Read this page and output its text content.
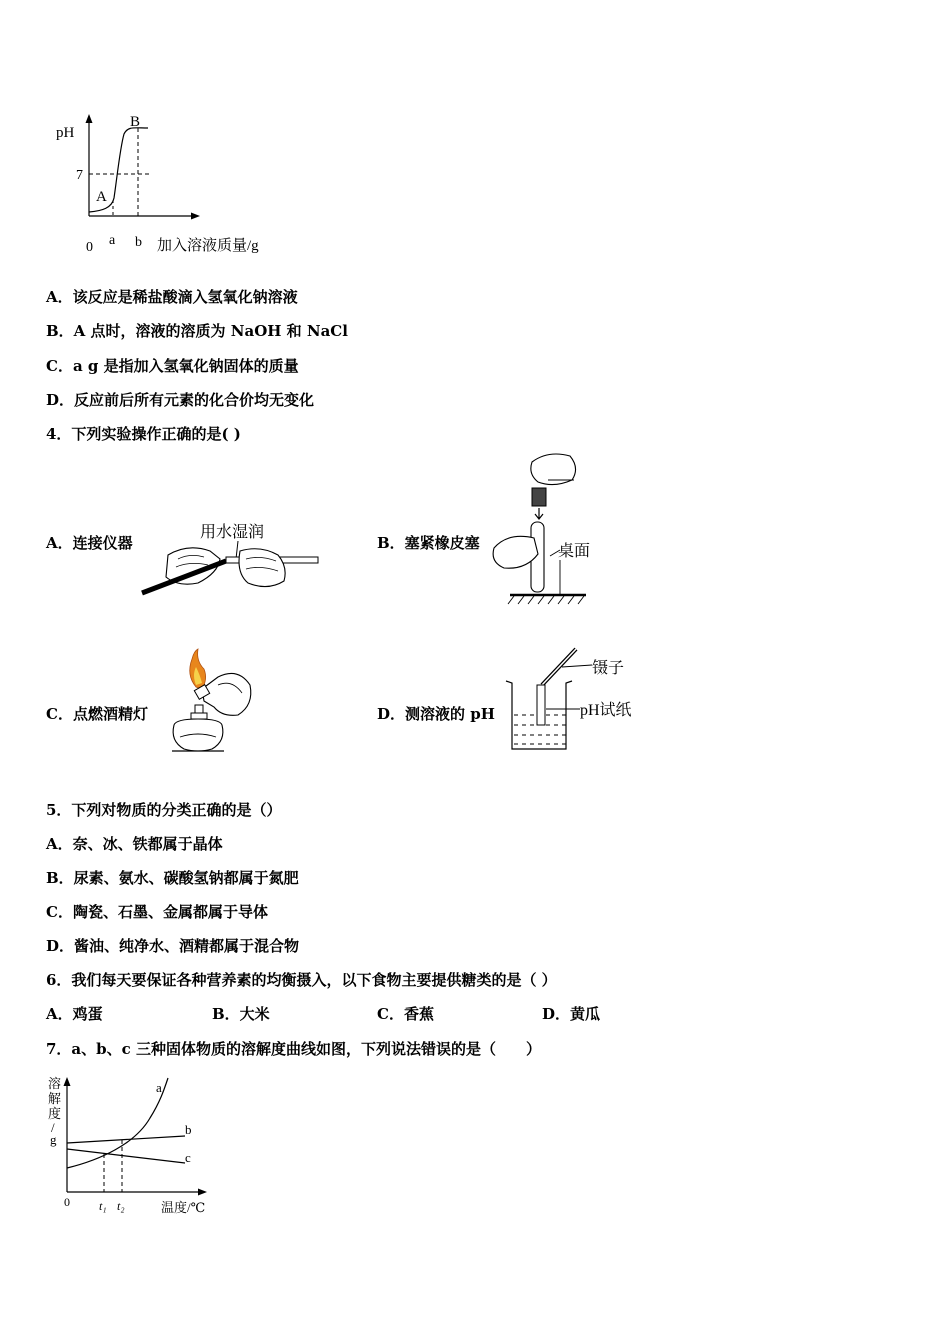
pH
7
A
B
0 a b 加入溶液质量/g
A．该反应是稀盐酸滴入氢氧化钠溶液
B．A 点时，溶液的溶质为 NaOH 和 NaCl
C．a g 是指加入氢氧化钠固体的质量
D．反应前后所有元素的化合价均无变化
4．下列实验操作正确的是( )
A．连接仪器
用水湿润
B．塞紧橡皮塞	桌面
C．点燃酒精灯	D．测溶液的 pH
镊子
pH试纸
5．下列对物质的分类正确的是（）
A．奈、冰、铁都属于晶体
B．尿素、氨水、碳酸氢钠都属于氮肥
C．陶瓷、石墨、金属都属于导体
D．酱油、纯净水、酒精都属于混合物
6．我们每天要保证各种营养素的均衡摄入，以下食物主要提供糖类的是（ ）
A．鸡蛋	B．大米	C．香蕉	D．黄瓜
7．a、b、c 三种固体物质的溶解度曲线如图，下列说法错误的是（　　）
溶
解
度
/
g
a
b
c
0 t₁ t₂	温度/℃
